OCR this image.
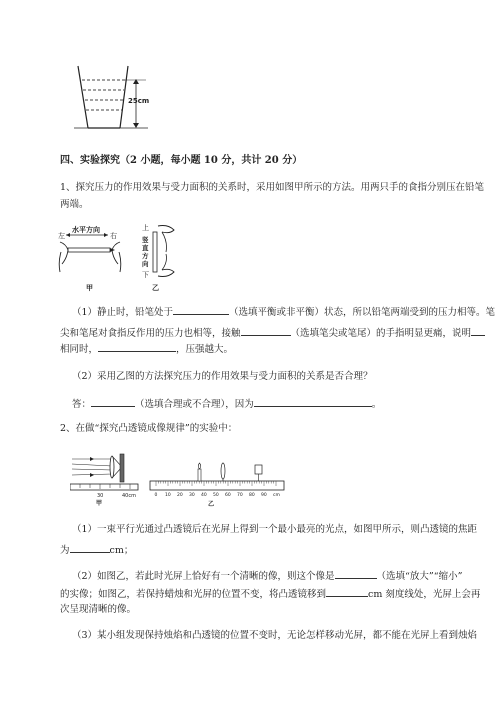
25cm
四、实验探究（2 小题，每小题 10 分，共计 20 分）
1、探究压力的作用效果与受力面积的关系时，采用如图甲所示的方法。用两只手的食指分别压在铅笔
两端。
左
水平方向
右
甲
上
竖
直
方
向
下
乙
（1）静止时，铅笔处于	（选填平衡或非平衡）状态，所以铅笔两端受到的压力相等。笔
尖和笔尾对食指反作用的压力也相等，接触	（选填笔尖或笔尾）的手指明显更痛，说明
相同时，	，压强越大。
（2）采用乙图的方法探究压力的作用效果与受力面积的关系是否合理？
答：	（选填合理或不合理），因为	。
2、在做“探究凸透镜成像规律”的实验中：
30	40cm
甲
0 10 20 30 40 50 60 70 80 90 cm
乙
（1）一束平行光通过凸透镜后在光屏上得到一个最小最亮的光点，如图甲所示，则凸透镜的焦距
为	cm；
（2）如图乙，若此时光屏上恰好有一个清晰的像，则这个像是	（选填“放大”“缩小”
的实像；如图乙，若保持蜡烛和光屏的位置不变，将凸透镜移到	cm 刻度线处，光屏上会再
次呈现清晰的像。
（3）某小组发现保持烛焰和凸透镜的位置不变时，无论怎样移动光屏，都不能在光屏上看到烛焰
